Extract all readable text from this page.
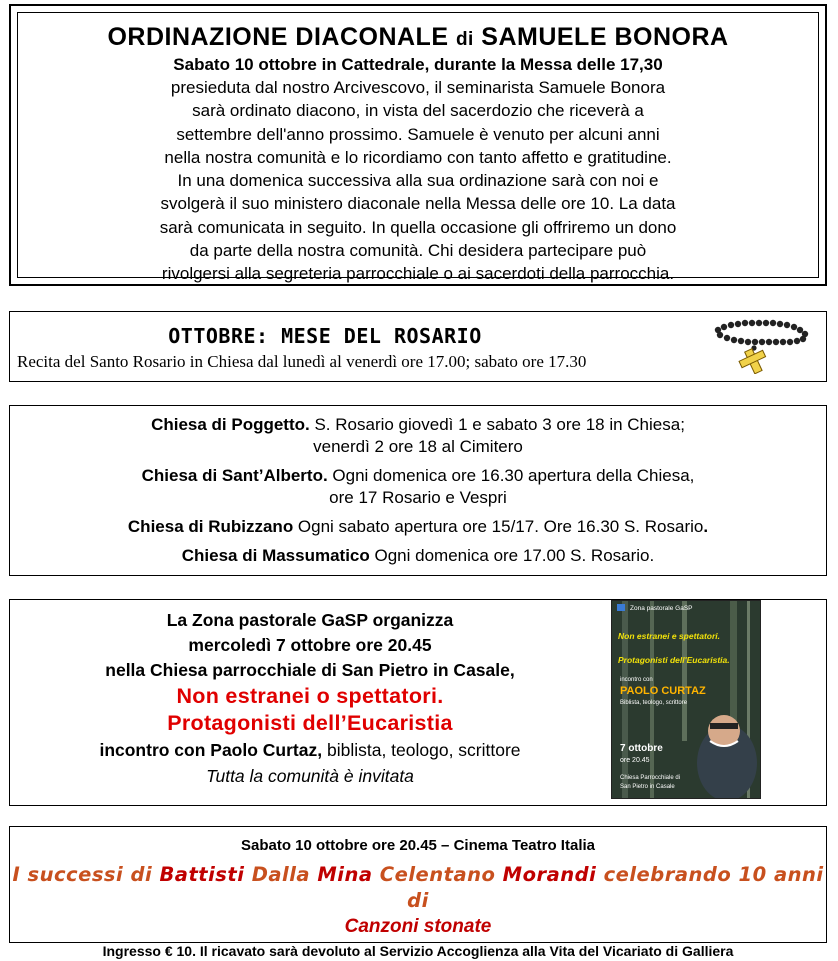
ORDINAZIONE DIACONALE di SAMUELE BONORA
Sabato 10 ottobre in Cattedrale, durante la Messa delle 17,30
presieduta dal nostro Arcivescovo, il seminarista Samuele Bonora
sarà ordinato diacono, in vista del sacerdozio che riceverà a
settembre dell'anno prossimo. Samuele è venuto per alcuni anni
nella nostra comunità e lo ricordiamo con tanto affetto e gratitudine.
In una domenica successiva alla sua ordinazione sarà con noi e
svolgerà il suo ministero diaconale nella Messa delle ore 10. La data
sarà comunicata in seguito. In quella occasione gli offriremo un dono
da parte della nostra comunità. Chi desidera partecipare può
rivolgersi alla segreteria parrocchiale o ai sacerdoti della parrocchia.
OTTOBRE: MESE DEL ROSARIO
Recita del Santo Rosario in Chiesa dal lunedì al venerdì ore 17.00; sabato ore 17.30
Chiesa di Poggetto. S. Rosario giovedì 1 e sabato 3 ore 18 in Chiesa;
venerdì 2 ore 18 al Cimitero
Chiesa di Sant’Alberto. Ogni domenica ore 16.30 apertura della Chiesa,
ore 17 Rosario e Vespri
Chiesa di Rubizzano Ogni sabato apertura ore 15/17. Ore 16.30 S. Rosario.
Chiesa di Massumatico Ogni domenica ore 17.00 S. Rosario.
La Zona pastorale GaSP organizza
mercoledì 7 ottobre ore 20.45
nella Chiesa parrocchiale di San Pietro in Casale,
Non estranei o spettatori.
Protagonisti dell’Eucaristia
incontro con Paolo Curtaz, biblista, teologo, scrittore
Tutta la comunità è invitata
Zona pastorale GaSP
Non estranei e spettatori.
Protagonisti dell'Eucaristia.
incontro con
PAOLO CURTAZ
Biblista, teologo, scrittore
7 ottobre
ore 20.45
Chiesa Parrocchiale di
San Pietro in Casale
Sabato 10 ottobre ore 20.45 – Cinema Teatro Italia
I successi di Battisti Dalla Mina Celentano Morandi celebrando 10 anni di
Canzoni stonate
Ingresso € 10. Il ricavato sarà devoluto al Servizio Accoglienza alla Vita del Vicariato di Galliera
